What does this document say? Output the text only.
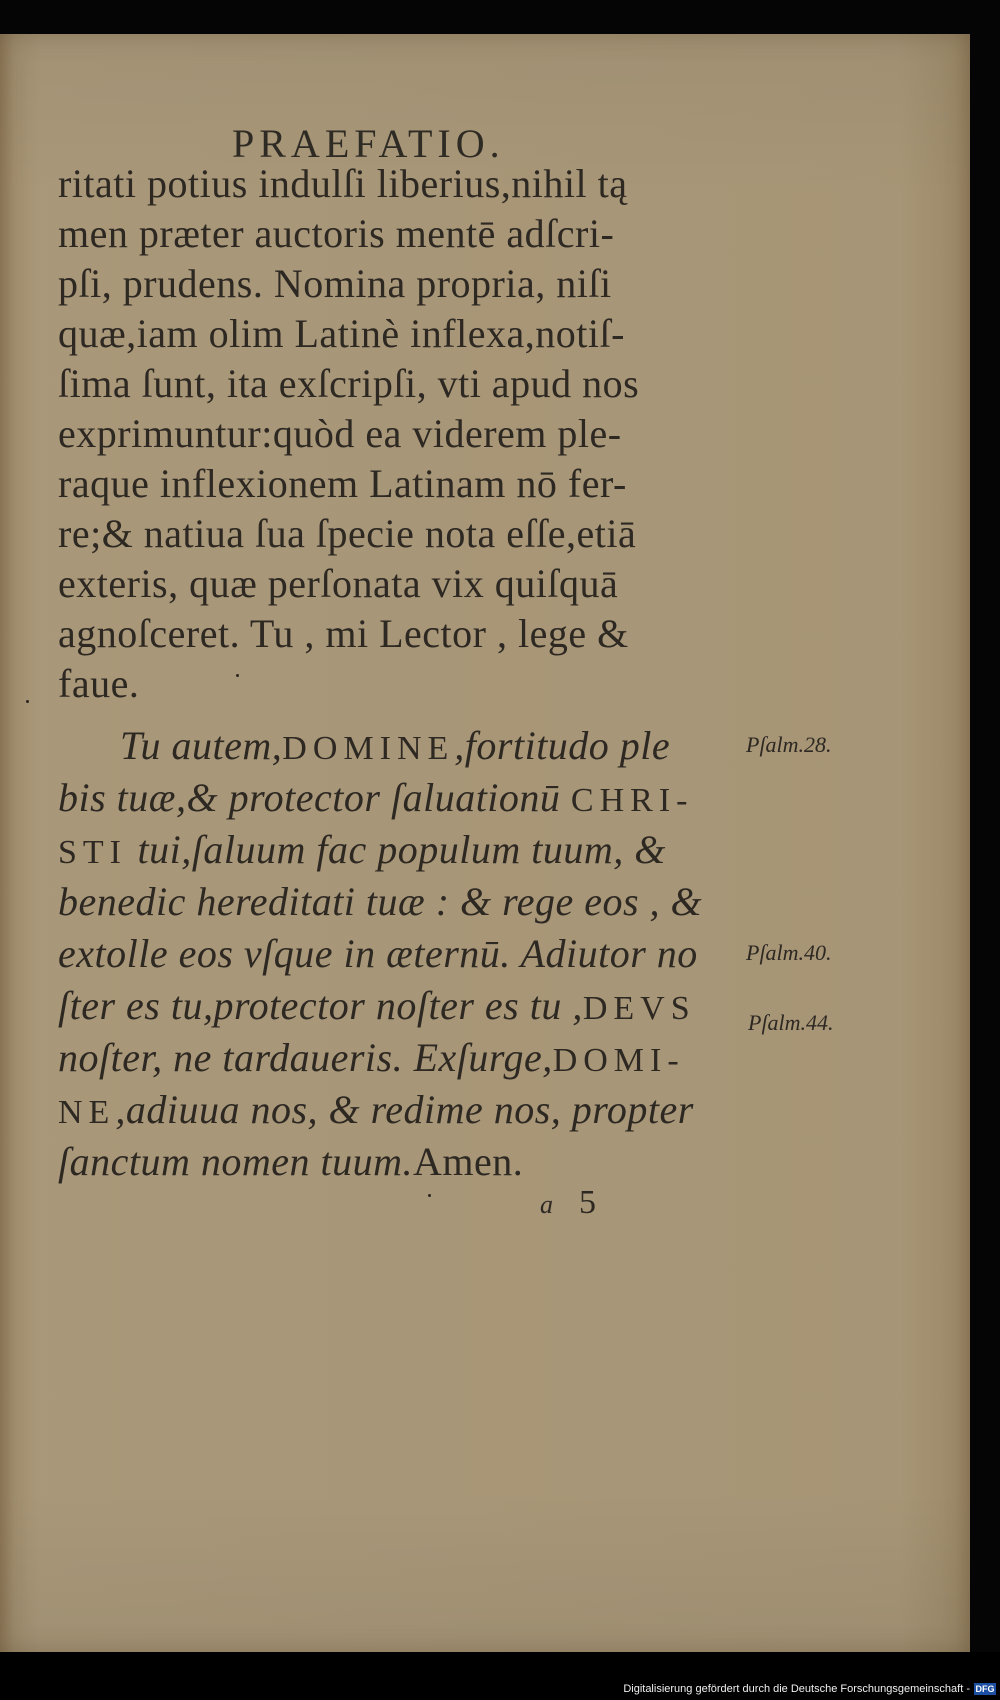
PRAEFATIO.
ritati potius indulſi liberius,nihil tą
men præter auctoris mentē adſcri-
pſi, prudens. Nomina propria, niſi
quæ,iam olim Latinè inflexa,notiſ-
ſima ſunt, ita exſcripſi, vti apud nos
exprimuntur:quòd ea viderem ple-
raque inflexionem Latinam nō fer-
re;& natiua ſua ſpecie nota eſſe,etiā
exteris, quæ perſonata vix quiſquā
agnoſceret. Tu , mi Lector , lege &
faue.
Tu autem,DOMINE,fortitudo ple
bis tuæ,& protector ſaluationū CHRI-
STI tui,ſaluum fac populum tuum, &
benedic hereditati tuæ : & rege eos , &
extolle eos vſque in æternū. Adiutor no
ſter es tu,protector noſter es tu ,DEVS
noſter, ne tardaueris. Exſurge,DOMI-
NE,adiuua nos, & redime nos, propter
ſanctum nomen tuum.Amen.
Pſalm.28.
Pſalm.40.
Pſalm.44.
a 5
Digitalisierung gefördert durch die Deutsche Forschungsgemeinschaft - DFG
